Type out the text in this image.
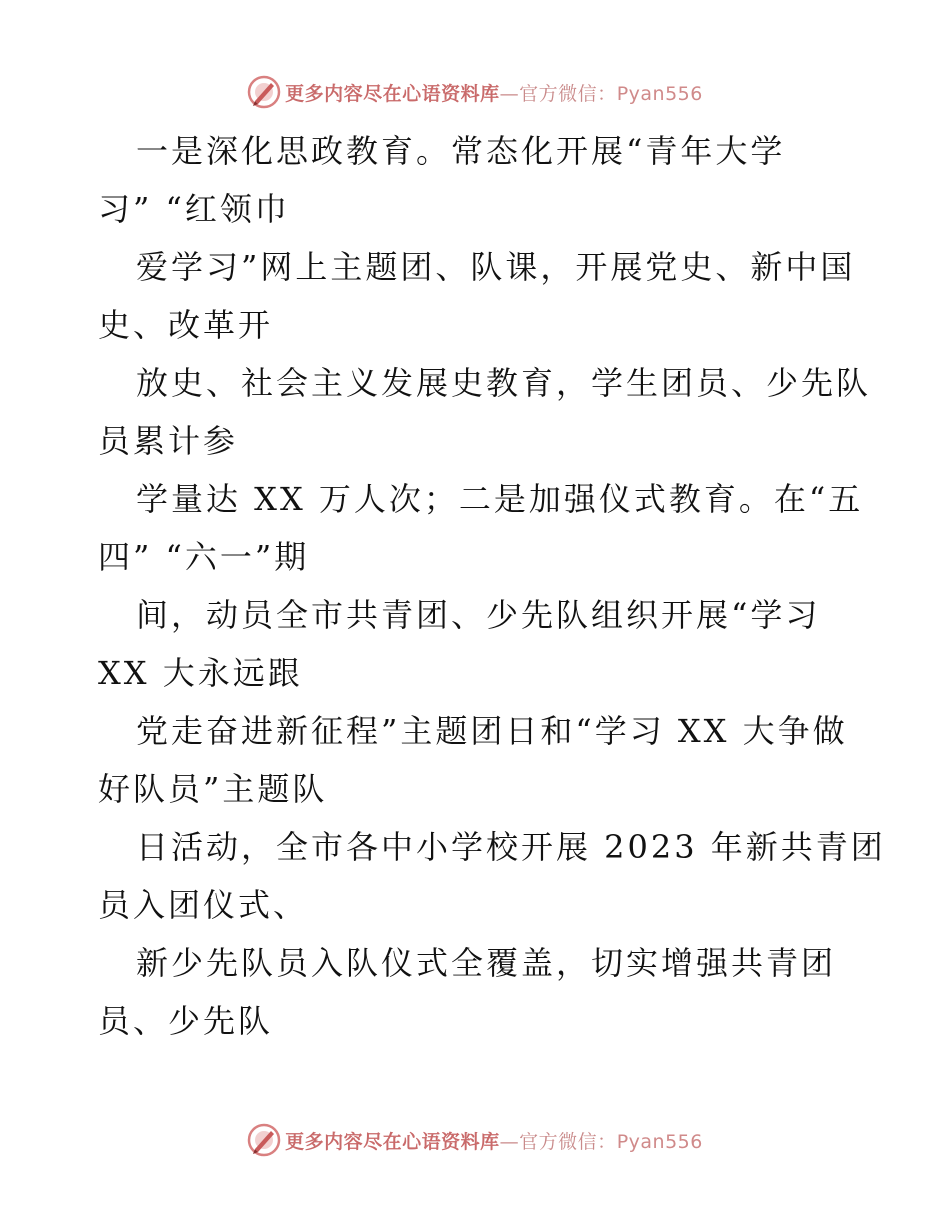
更多内容尽在心语资料库—官方微信：Pyan556
一是深化思政教育。常态化开展“青年大学
习” “红领巾
爱学习”网上主题团、队课，开展党史、新中国
史、改革开
放史、社会主义发展史教育，学生团员、少先队
员累计参
学量达 XX 万人次；二是加强仪式教育。在“五
四” “六一”期
间，动员全市共青团、少先队组织开展“学习
XX 大永远跟
党走奋进新征程”主题团日和“学习 XX 大争做
好队员”主题队
日活动，全市各中小学校开展 2023 年新共青团
员入团仪式、
新少先队员入队仪式全覆盖，切实增强共青团
员、少先队
更多内容尽在心语资料库—官方微信：Pyan556
